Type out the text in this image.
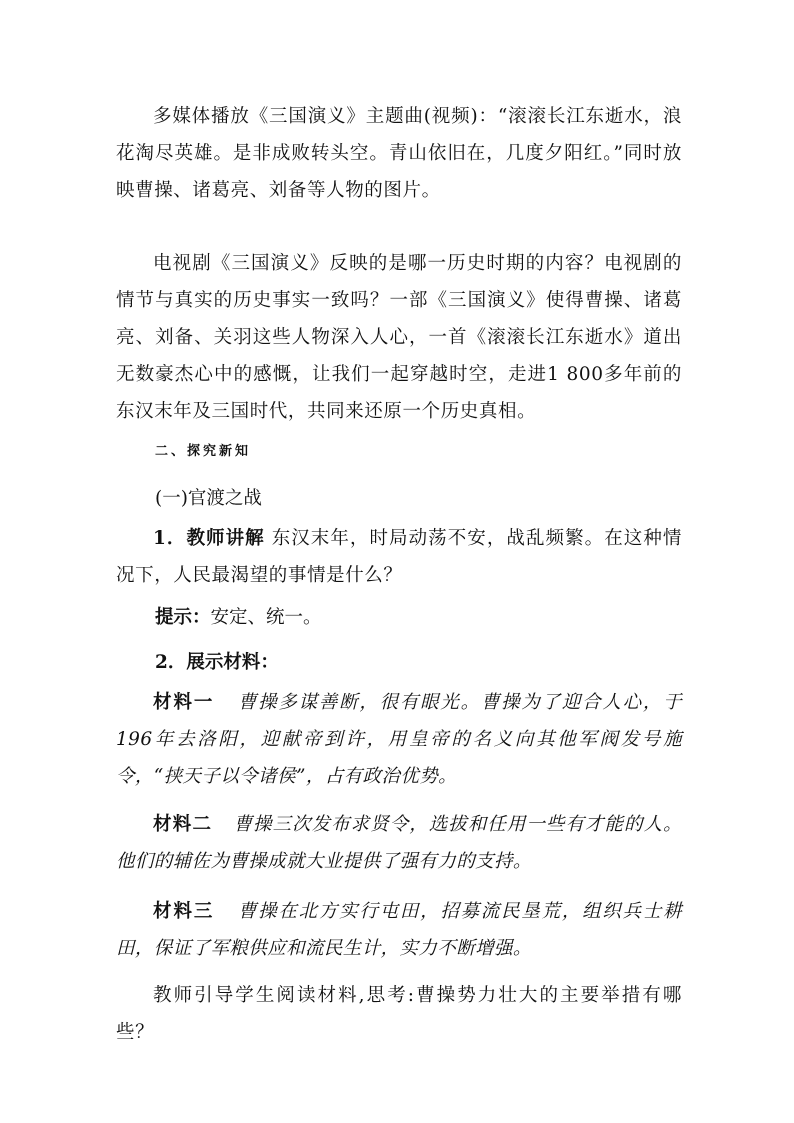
多媒体播放《三国演义》主题曲(视频)：“滚滚长江东逝水，浪花淘尽英雄。是非成败转头空。青山依旧在，几度夕阳红。”同时放映曹操、诸葛亮、刘备等人物的图片。

电视剧《三国演义》反映的是哪一历史时期的内容？电视剧的情节与真实的历史事实一致吗？一部《三国演义》使得曹操、诸葛亮、刘备、关羽这些人物深入人心，一首《滚滚长江东逝水》道出无数豪杰心中的感慨，让我们一起穿越时空，走进1 800多年前的东汉末年及三国时代，共同来还原一个历史真相。

二、探究新知
(一)官渡之战

1．教师讲解 东汉末年，时局动荡不安，战乱频繁。在这种情况下，人民最渴望的事情是什么？

提示：安定、统一。
2．展示材料：

材料一 曹操多谋善断，很有眼光。曹操为了迎合人心，于196年去洛阳，迎献帝到许，用皇帝的名义向其他军阀发号施令，“挟天子以令诸侯”，占有政治优势。

材料二 曹操三次发布求贤令，选拔和任用一些有才能的人。他们的辅佐为曹操成就大业提供了强有力的支持。

材料三 曹操在北方实行屯田，招募流民垦荒，组织兵士耕田，保证了军粮供应和流民生计，实力不断增强。

教师引导学生阅读材料,思考:曹操势力壮大的主要举措有哪些？
